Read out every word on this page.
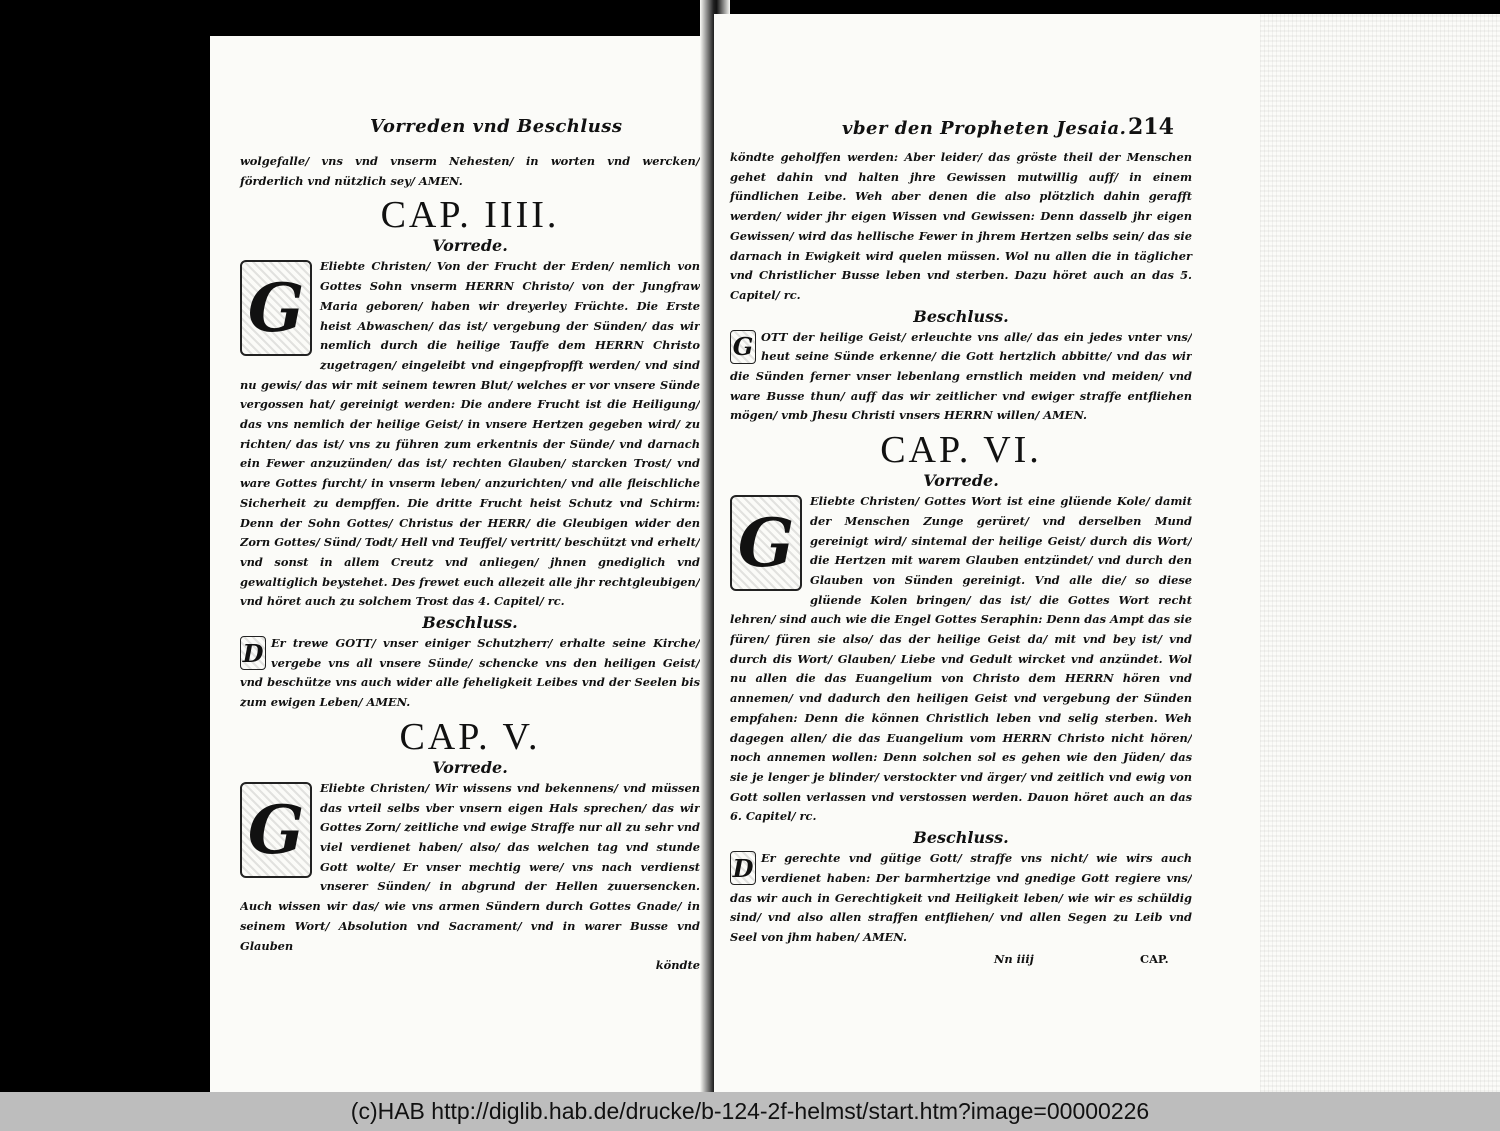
Vorreden vnd Beschluss

wolgefalle/ vns vnd vnserm Nehesten/ in worten vnd wercken/ förderlich vnd nützlich sey/ AMEN.

CAP. IIII.
Vorrede.
G

Eliebte Christen/ Von der Frucht der Erden/ nemlich von Gottes Sohn vnserm HERRN Christo/ von der Jungfraw Maria geboren/ haben wir dreyerley Früchte. Die Erste heist Abwaschen/ das ist/ vergebung der Sünden/ das wir nemlich durch die heilige Tauffe dem HERRN Christo zugetragen/ eingeleibt vnd eingepfropfft werden/ vnd sind nu gewis/ das wir mit seinem tewren Blut/ welches er vor vnsere Sünde vergossen hat/ gereinigt werden: Die andere Frucht ist die Heiligung/ das vns nemlich der heilige Geist/ in vnsere Hertzen gegeben wird/ zu richten/ das ist/ vns zu führen zum erkentnis der Sünde/ vnd darnach ein Fewer anzuzünden/ das ist/ rechten Glauben/ starcken Trost/ vnd ware Gottes furcht/ in vnserm leben/ anzurichten/ vnd alle fleischliche Sicherheit zu dempffen. Die dritte Frucht heist Schutz vnd Schirm: Denn der Sohn Gottes/ Christus der HERR/ die Gleubigen wider den Zorn Gottes/ Sünd/ Todt/ Hell vnd Teuffel/ vertritt/ beschützt vnd erhelt/ vnd sonst in allem Creutz vnd anliegen/ jhnen gnediglich vnd gewaltiglich beystehet. Des frewet euch allezeit alle jhr rechtgleubigen/ vnd höret auch zu solchem Trost das 4. Capitel/ rc.

Beschluss.
D Er trewe GOTT/ vnser einiger Schutzherr/ erhalte seine Kirche/ vergebe vns all vnsere Sünde/ schencke vns den heiligen Geist/ vnd beschütze vns auch wider alle feheligkeit Leibes vnd der Seelen bis zum ewigen Leben/ AMEN.

CAP. V.
Vorrede.
G

Eliebte Christen/ Wir wissens vnd bekennens/ vnd müssen das vrteil selbs vber vnsern eigen Hals sprechen/ das wir Gottes Zorn/ zeitliche vnd ewige Straffe nur all zu sehr vnd viel verdienet haben/ also/ das welchen tag vnd stunde Gott wolte/ Er vnser mechtig were/ vns nach verdienst vnserer Sünden/ in abgrund der Hellen zuuersencken. Auch wissen wir das/ wie vns armen Sündern durch Gottes Gnade/ in seinem Wort/ Absolution vnd Sacrament/ vnd in warer Busse vnd Glauben

köndte
vber den Propheten Jesaia. 214

köndte geholffen werden: Aber leider/ das gröste theil der Menschen gehet dahin vnd halten jhre Gewissen mutwillig auff/ in einem fündlichen Leibe. Weh aber denen die also plötzlich dahin gerafft werden/ wider jhr eigen Wissen vnd Gewissen: Denn dasselb jhr eigen Gewissen/ wird das hellische Fewer in jhrem Hertzen selbs sein/ das sie darnach in Ewigkeit wird quelen müssen. Wol nu allen die in täglicher vnd Christlicher Busse leben vnd sterben. Dazu höret auch an das 5. Capitel/ rc.

Beschluss.
G OTT der heilige Geist/ erleuchte vns alle/ das ein jedes vnter vns/ heut seine Sünde erkenne/ die Gott hertzlich abbitte/ vnd das wir die Sünden ferner vnser lebenlang ernstlich meiden vnd meiden/ vnd ware Busse thun/ auff das wir zeitlicher vnd ewiger straffe entfliehen mögen/ vmb Jhesu Christi vnsers HERRN willen/ AMEN.

CAP. VI.
Vorrede.
G

Eliebte Christen/ Gottes Wort ist eine glüende Kole/ damit der Menschen Zunge gerüret/ vnd derselben Mund gereinigt wird/ sintemal der heilige Geist/ durch dis Wort/ die Hertzen mit warem Glauben entzündet/ vnd durch den Glauben von Sünden gereinigt. Vnd alle die/ so diese glüende Kolen bringen/ das ist/ die Gottes Wort recht lehren/ sind auch wie die Engel Gottes Seraphin: Denn das Ampt das sie füren/ füren sie also/ das der heilige Geist da/ mit vnd bey ist/ vnd durch dis Wort/ Glauben/ Liebe vnd Gedult wircket vnd anzündet. Wol nu allen die das Euangelium von Christo dem HERRN hören vnd annemen/ vnd dadurch den heiligen Geist vnd vergebung der Sünden empfahen: Denn die können Christlich leben vnd selig sterben. Weh dagegen allen/ die das Euangelium vom HERRN Christo nicht hören/ noch annemen wollen: Denn solchen sol es gehen wie den Jüden/ das sie je lenger je blinder/ verstockter vnd ärger/ vnd zeitlich vnd ewig von Gott sollen verlassen vnd verstossen werden. Dauon höret auch an das 6. Capitel/ rc.

Beschluss.
D Er gerechte vnd gütige Gott/ straffe vns nicht/ wie wirs auch verdienet haben: Der barmhertzige vnd gnedige Gott regiere vns/ das wir auch in Gerechtigkeit vnd Heiligkeit leben/ wie wir es schüldig sind/ vnd also allen straffen entfliehen/ vnd allen Segen zu Leib vnd Seel von jhm haben/ AMEN.

Nn iiij	CAP.
(c)HAB http://diglib.hab.de/drucke/b-124-2f-helmst/start.htm?image=00000226
